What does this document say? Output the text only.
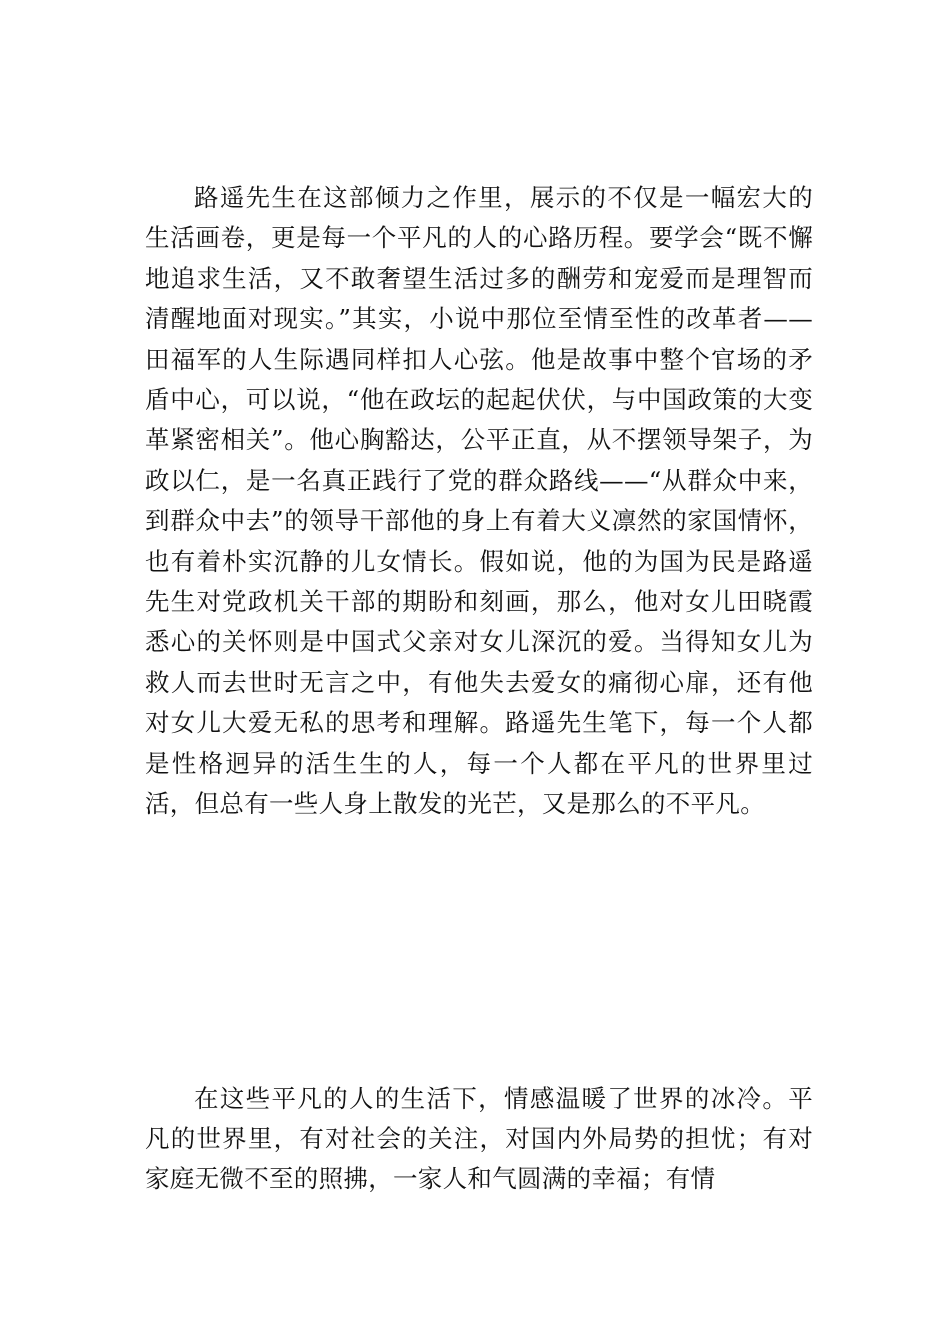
路遥先生在这部倾力之作里，展示的不仅是一幅宏大的生活画卷，更是每一个平凡的人的心路历程。要学会“既不懈地追求生活，又不敢奢望生活过多的酬劳和宠爱而是理智而清醒地面对现实。”其实，小说中那位至情至性的改革者——田福军的人生际遇同样扣人心弦。他是故事中整个官场的矛盾中心，可以说，“他在政坛的起起伏伏，与中国政策的大变革紧密相关”。他心胸豁达，公平正直，从不摆领导架子，为政以仁，是一名真正践行了党的群众路线——“从群众中来，到群众中去”的领导干部他的身上有着大义凛然的家国情怀，也有着朴实沉静的儿女情长。假如说，他的为国为民是路遥先生对党政机关干部的期盼和刻画，那么，他对女儿田晓霞悉心的关怀则是中国式父亲对女儿深沉的爱。当得知女儿为救人而去世时无言之中，有他失去爱女的痛彻心扉，还有他对女儿大爱无私的思考和理解。路遥先生笔下，每一个人都是性格迥异的活生生的人，每一个人都在平凡的世界里过活，但总有一些人身上散发的光芒，又是那么的不平凡。

在这些平凡的人的生活下，情感温暖了世界的冰冷。平凡的世界里，有对社会的关注，对国内外局势的担忧；有对家庭无微不至的照拂，一家人和气圆满的幸福；有情
